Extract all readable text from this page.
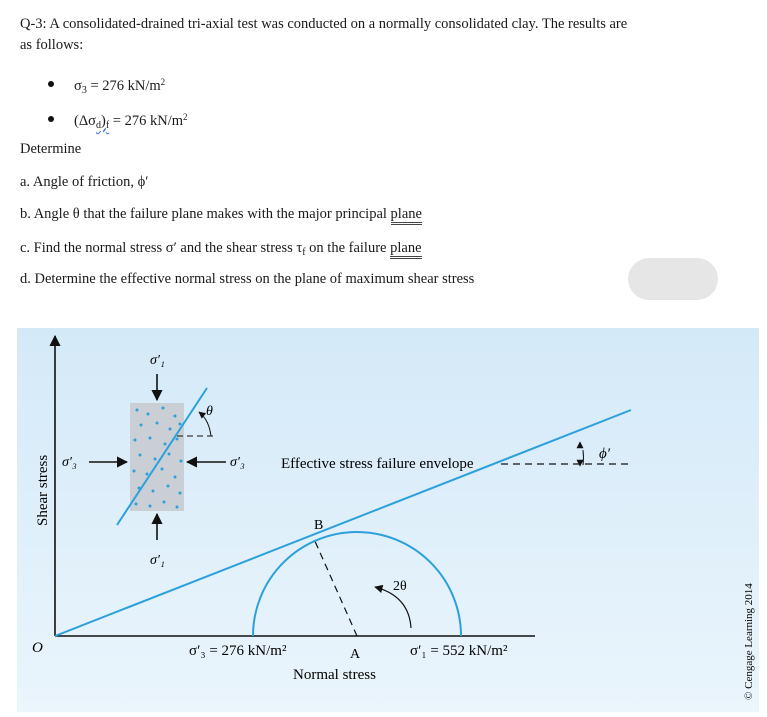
Q-3: A consolidated-drained tri-axial test was conducted on a normally consolidated clay. The results are
as follows:
$\sigma_3 = 276$ $kN/m^2$
$(\Delta\sigma_d)_f = 276$ $kN/m^2$
Determine
a. Angle of friction, ϕ′
b. Angle θ that the failure plane makes with the major principal plane
c. Find the normal stress σ′ and the shear stress $\tau_f$ on the failure plane
d. Determine the effective normal stress on the plane of maximum shear stress
ϕ′
2θ
B
A
Effective stress failure envelope
σ′₃ = 276 kN/m²	σ′₁ = 552 kN/m²
Normal stress
O
Shear stress
© Cengage Learning 2014
θ
σ′₁
σ′₁
σ′₃	σ′₃
